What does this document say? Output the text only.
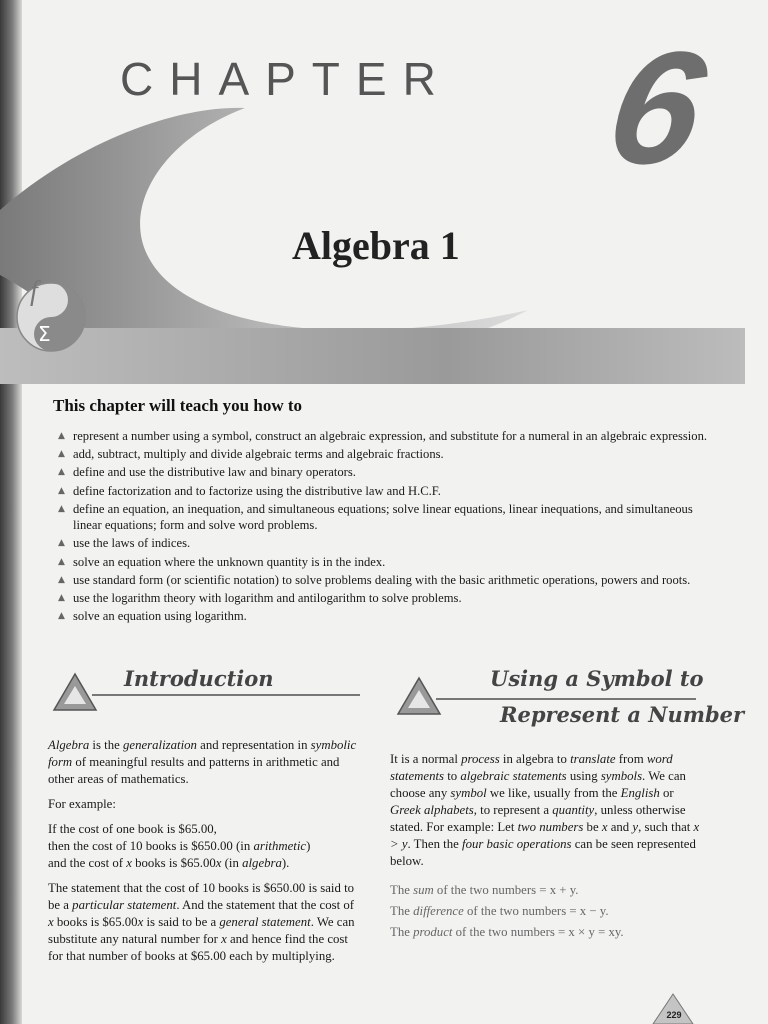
CHAPTER 6
Algebra 1
f
Σ
This chapter will teach you how to
▲ represent a number using a symbol, construct an algebraic expression, and substitute for a numeral in an algebraic expression.
▲ add, subtract, multiply and divide algebraic terms and algebraic fractions.
▲ define and use the distributive law and binary operators.
▲ define factorization and to factorize using the distributive law and H.C.F.
▲ define an equation, an inequation, and simultaneous equations; solve linear equations, linear inequations, and simultaneous linear equations; form and solve word problems.
▲ use the laws of indices.
▲ solve an equation where the unknown quantity is in the index.
▲ use standard form (or scientific notation) to solve problems dealing with the basic arithmetic operations, powers and roots.
▲ use the logarithm theory with logarithm and antilogarithm to solve problems.
▲ solve an equation using logarithm.
Introduction

Algebra is the generalization and representation in symbolic form of meaningful results and patterns in arithmetic and other areas of mathematics.

For example:

If the cost of one book is $65.00,
then the cost of 10 books is $650.00 (in arithmetic)
and the cost of x books is $65.00x (in algebra).

The statement that the cost of 10 books is $650.00 is said to be a particular statement. And the statement that the cost of x books is $65.00x is said to be a general statement. We can substitute any natural number for x and hence find the cost for that number of books at $65.00 each by multiplying.

Using a Symbol to
Represent a Number

It is a normal process in algebra to translate from word statements to algebraic statements using symbols. We can choose any symbol we like, usually from the English or Greek alphabets, to represent a quantity, unless otherwise stated. For example: Let two numbers be x and y, such that x > y. Then the four basic operations can be seen represented below.

The sum of the two numbers = x + y.
The difference of the two numbers = x − y.
The product of the two numbers = x × y = xy.
229
